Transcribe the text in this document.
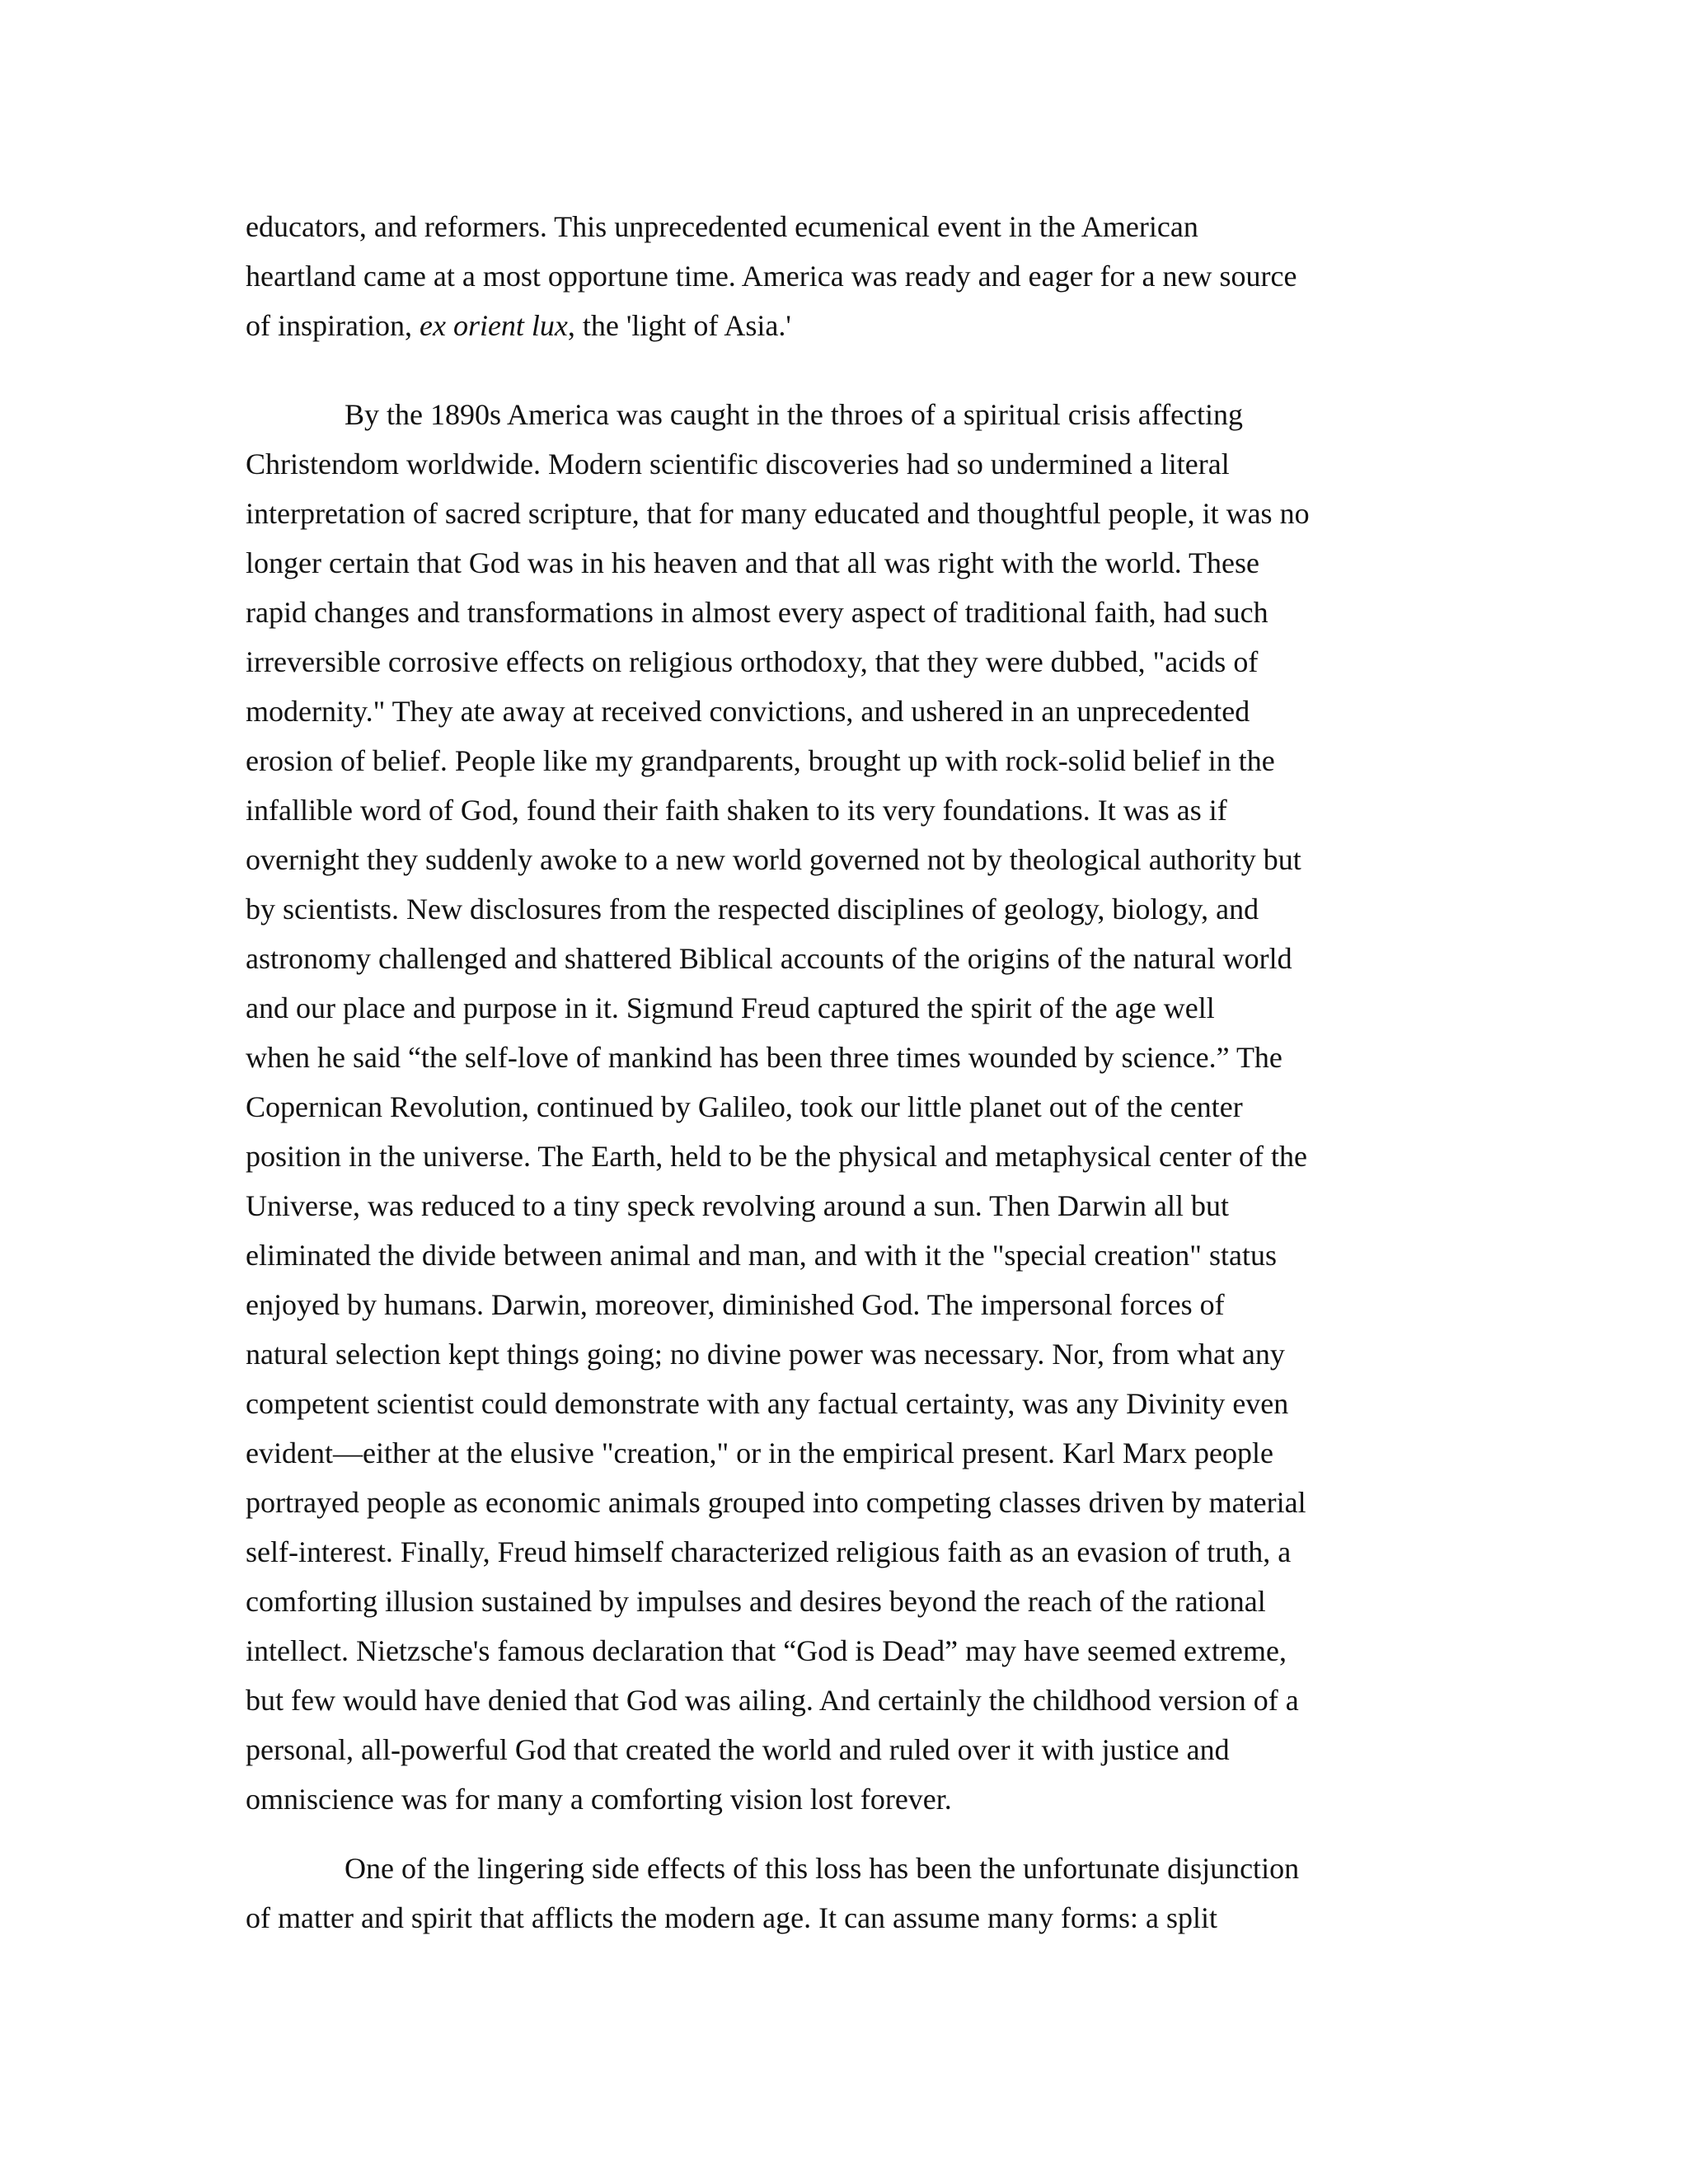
educators, and reformers. This unprecedented ecumenical event in the American
heartland came at a most opportune time. America was ready and eager for a new source
of inspiration, ex orient lux, the 'light of Asia.'
By the 1890s America was caught in the throes of a spiritual crisis affecting
Christendom worldwide. Modern scientific discoveries had so undermined a literal
interpretation of sacred scripture, that for many educated and thoughtful people, it was no
longer certain that God was in his heaven and that all was right with the world. These
rapid changes and transformations in almost every aspect of traditional faith, had such
irreversible corrosive effects on religious orthodoxy, that they were dubbed, "acids of
modernity." They ate away at received convictions, and ushered in an unprecedented
erosion of belief. People like my grandparents, brought up with rock-solid belief in the
infallible word of God, found their faith shaken to its very foundations. It was as if
overnight they suddenly awoke to a new world governed not by theological authority but
by scientists. New disclosures from the respected disciplines of geology, biology, and
astronomy challenged and shattered Biblical accounts of the origins of the natural world
and our place and purpose in it. Sigmund Freud captured the spirit of the age well
when he said “the self-love of mankind has been three times wounded by science.” The
Copernican Revolution, continued by Galileo, took our little planet out of the center
position in the universe. The Earth, held to be the physical and metaphysical center of the
Universe, was reduced to a tiny speck revolving around a sun. Then Darwin all but
eliminated the divide between animal and man, and with it the "special creation" status
enjoyed by humans. Darwin, moreover, diminished God. The impersonal forces of
natural selection kept things going; no divine power was necessary. Nor, from what any
competent scientist could demonstrate with any factual certainty, was any Divinity even
evident—either at the elusive "creation," or in the empirical present. Karl Marx people
portrayed people as economic animals grouped into competing classes driven by material
self-interest. Finally, Freud himself characterized religious faith as an evasion of truth, a
comforting illusion sustained by impulses and desires beyond the reach of the rational
intellect. Nietzsche's famous declaration that “God is Dead” may have seemed extreme,
but few would have denied that God was ailing. And certainly the childhood version of a
personal, all-powerful God that created the world and ruled over it with justice and
omniscience was for many a comforting vision lost forever.
One of the lingering side effects of this loss has been the unfortunate disjunction
of matter and spirit that afflicts the modern age. It can assume many forms: a split
